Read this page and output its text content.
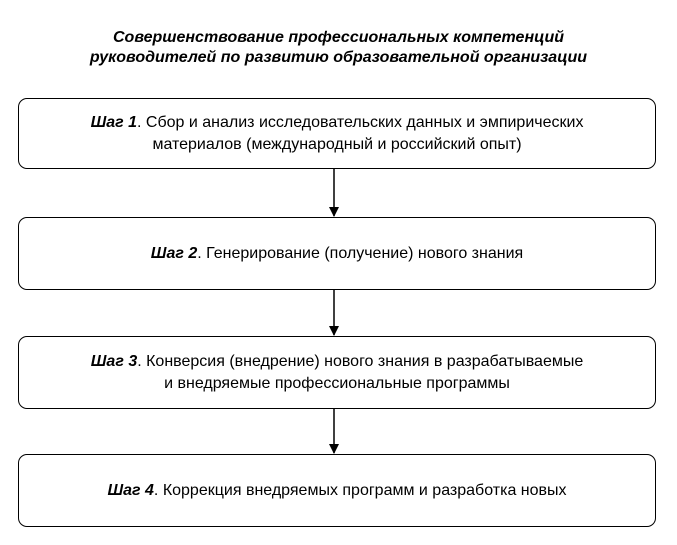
Совершенствование профессиональных компетенций
руководителей по развитию образовательной организации
Шаг 1. Сбор и анализ исследовательских данных и эмпирических
материалов (международный и российский опыт)
Шаг 2. Генерирование (получение) нового знания
Шаг 3. Конверсия (внедрение) нового знания в разрабатываемые
и внедряемые профессиональные программы
Шаг 4. Коррекция внедряемых программ и разработка новых
